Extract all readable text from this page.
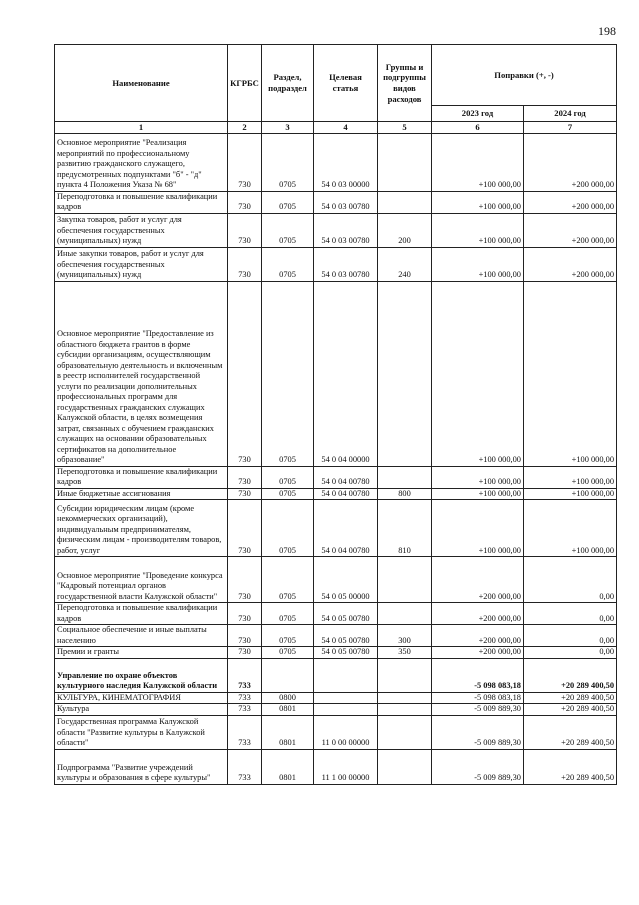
198
Наименование	КГРБС	Раздел, подраздел	Целевая статья	Группы и подгруппы видов расходов	Поправки (+, -)	
					2023 год	2024 год
1	2	3	4	5	6	7
Основное мероприятие "Реализация мероприятий по профессиональному развитию гражданского служащего, предусмотренных подпунктами "б" - "д" пункта 4 Положения Указа № 68"	730	0705	54 0 03 00000		+100 000,00	+200 000,00
Переподготовка и повышение квалификации кадров	730	0705	54 0 03 00780		+100 000,00	+200 000,00
Закупка товаров, работ и услуг для обеспечения государственных (муниципальных) нужд	730	0705	54 0 03 00780	200	+100 000,00	+200 000,00
Иные закупки товаров, работ и услуг для обеспечения государственных (муниципальных) нужд	730	0705	54 0 03 00780	240	+100 000,00	+200 000,00
Основное мероприятие "Предоставление из областного бюджета грантов в форме субсидии организациям, осуществляющим образовательную деятельность и включенным в реестр исполнителей государственной услуги по реализации дополнительных профессиональных программ для государственных гражданских служащих Калужской области, в целях возмещения затрат, связанных с обучением гражданских служащих на основании образовательных сертификатов на дополнительное образование"	730	0705	54 0 04 00000		+100 000,00	+100 000,00
Переподготовка и повышение квалификации кадров	730	0705	54 0 04 00780		+100 000,00	+100 000,00
Иные бюджетные ассигнования	730	0705	54 0 04 00780	800	+100 000,00	+100 000,00
Субсидии юридическим лицам (кроме некоммерческих организаций), индивидуальным предпринимателям, физическим лицам - производителям товаров, работ, услуг	730	0705	54 0 04 00780	810	+100 000,00	+100 000,00
Основное мероприятие "Проведение конкурса "Кадровый потенциал органов государственной власти Калужской области"	730	0705	54 0 05 00000		+200 000,00	0,00
Переподготовка и повышение квалификации кадров	730	0705	54 0 05 00780		+200 000,00	0,00
Социальное обеспечение и иные выплаты населению	730	0705	54 0 05 00780	300	+200 000,00	0,00
Премии и гранты	730	0705	54 0 05 00780	350	+200 000,00	0,00
Управление по охране объектов культурного наследия Калужской области	733				-5 098 083,18	+20 289 400,50
КУЛЬТУРА, КИНЕМАТОГРАФИЯ	733	0800			-5 098 083,18	+20 289 400,50
Культура	733	0801			-5 009 889,30	+20 289 400,50
Государственная программа Калужской области "Развитие культуры в Калужской области"	733	0801	11 0 00 00000		-5 009 889,30	+20 289 400,50
Подпрограмма "Развитие учреждений культуры и образования в сфере культуры"	733	0801	11 1 00 00000		-5 009 889,30	+20 289 400,50
